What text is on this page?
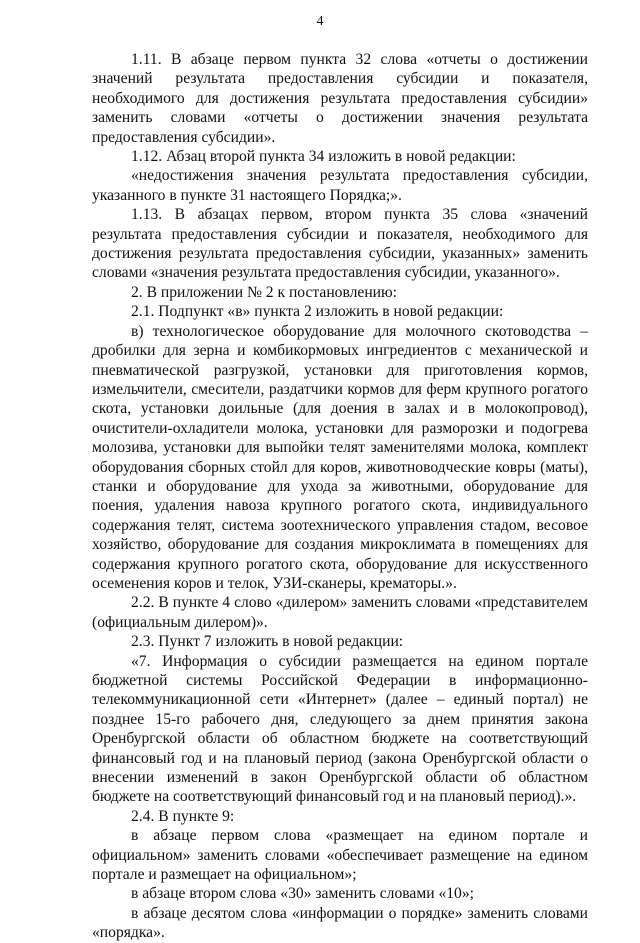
4

1.11. В абзаце первом пункта 32 слова «отчеты о достижении значений результата предоставления субсидии и показателя, необходимого для достижения результата предоставления субсидии» заменить словами «отчеты о достижении значения результата предоставления субсидии».

1.12. Абзац второй пункта 34 изложить в новой редакции:

«недостижения значения результата предоставления субсидии, указанного в пункте 31 настоящего Порядка;».

1.13. В абзацах первом, втором пункта 35 слова «значений результата предоставления субсидии и показателя, необходимого для достижения результата предоставления субсидии, указанных» заменить словами «значения результата предоставления субсидии, указанного».

2. В приложении № 2 к постановлению:

2.1. Подпункт «в» пункта 2 изложить в новой редакции:

в) технологическое оборудование для молочного скотоводства – дробилки для зерна и комбикормовых ингредиентов с механической и пневматической разгрузкой, установки для приготовления кормов, измельчители, смесители, раздатчики кормов для ферм крупного рогатого скота, установки доильные (для доения в залах и в молокопровод), очистители-охладители молока, установки для разморозки и подогрева молозива, установки для выпойки телят заменителями молока, комплект оборудования сборных стойл для коров, животноводческие ковры (маты), станки и оборудование для ухода за животными, оборудование для поения, удаления навоза крупного рогатого скота, индивидуального содержания телят, система зоотехнического управления стадом, весовое хозяйство, оборудование для создания микроклимата в помещениях для содержания крупного рогатого скота, оборудование для искусственного осеменения коров и телок, УЗИ-сканеры, крематоры.».

2.2. В пункте 4 слово «дилером» заменить словами «представителем (официальным дилером)».

2.3. Пункт 7 изложить в новой редакции:

«7. Информация о субсидии размещается на едином портале бюджетной системы Российской Федерации в информационно-телекоммуникационной сети «Интернет» (далее – единый портал) не позднее 15-го рабочего дня, следующего за днем принятия закона Оренбургской области об областном бюджете на соответствующий финансовый год и на плановый период (закона Оренбургской области о внесении изменений в закон Оренбургской области об областном бюджете на соответствующий финансовый год и на плановый период).».

2.4. В пункте 9:

в абзаце первом слова «размещает на едином портале и официальном» заменить словами «обеспечивает размещение на едином портале и размещает на официальном»;

в абзаце втором слова «30» заменить словами «10»;

в абзаце десятом слова «информации о порядке» заменить словами «порядка».
